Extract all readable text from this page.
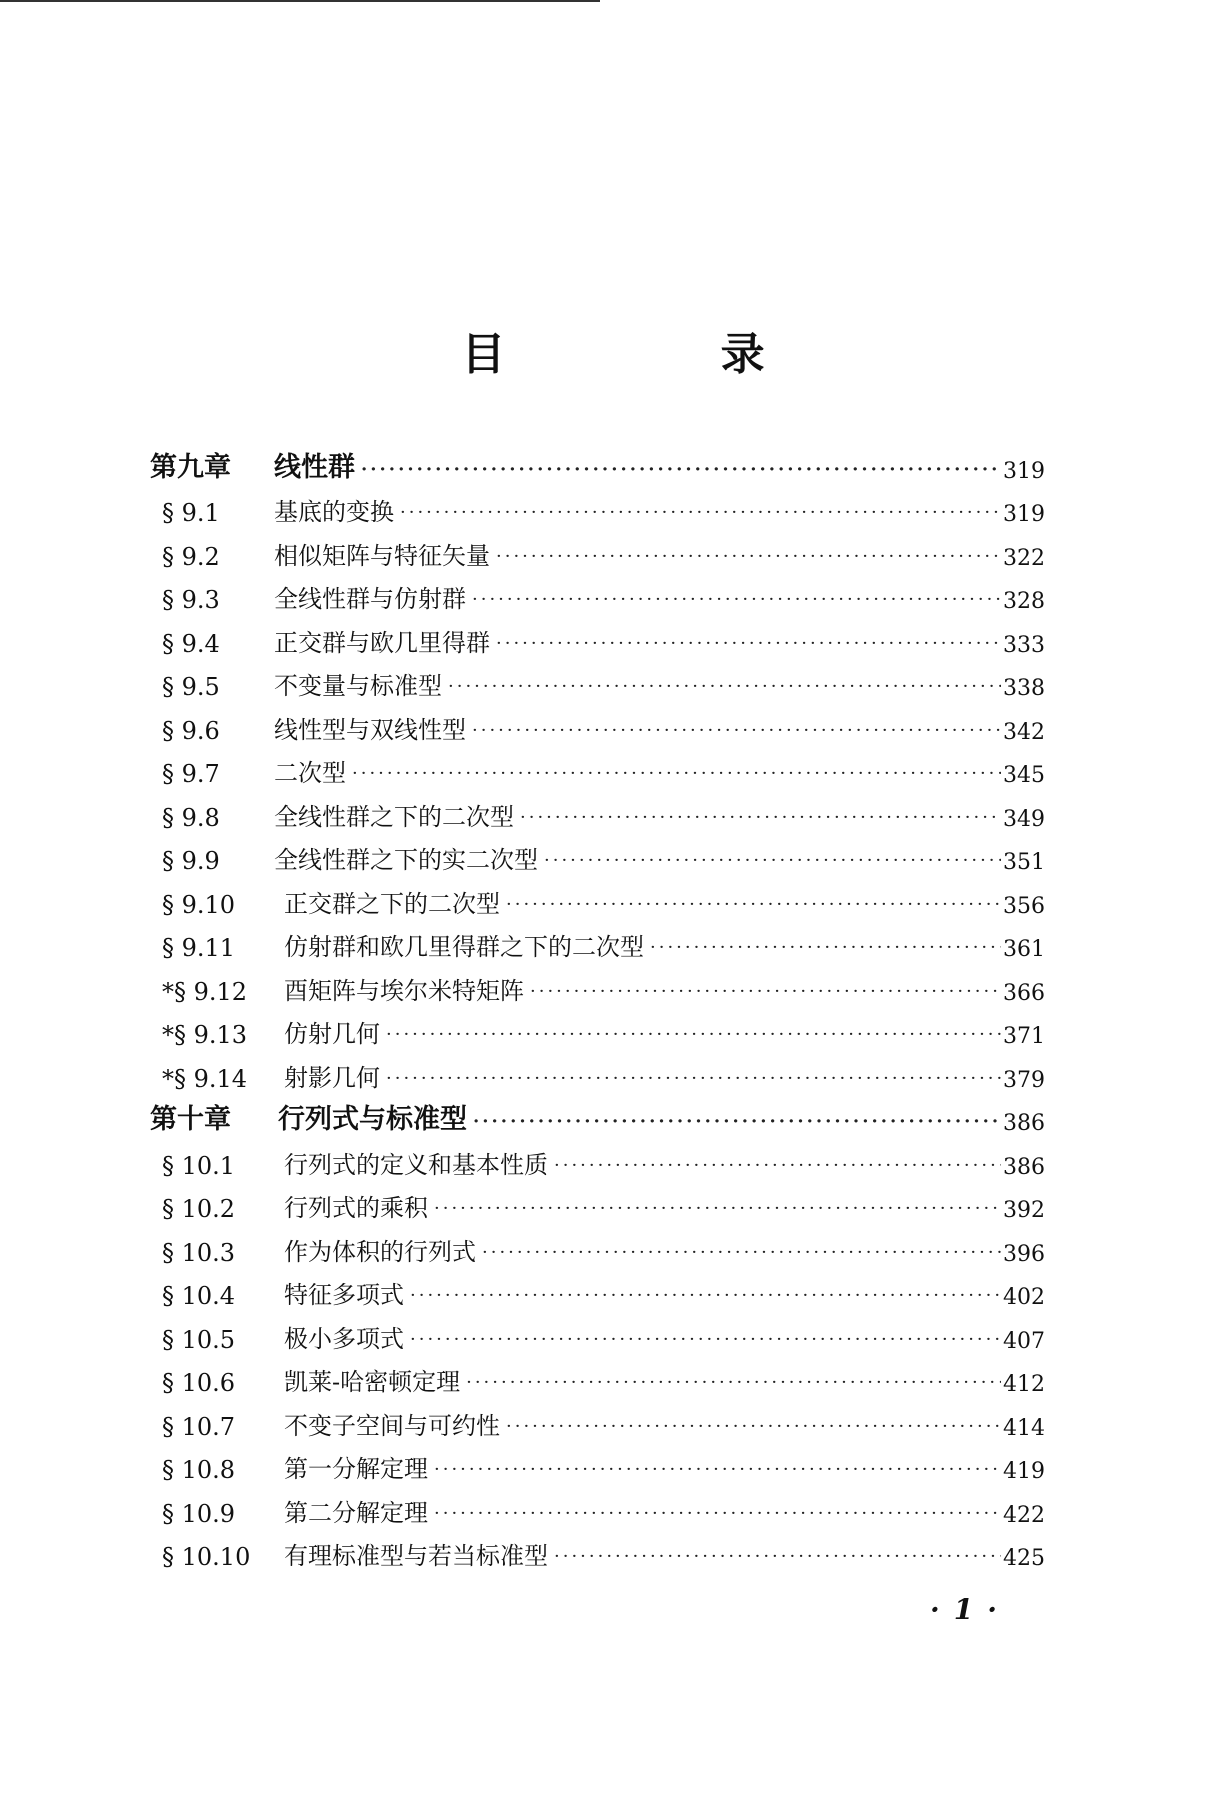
目 录
第九章	线性群 ·····	319
§ 9.1	基底的变换 ·····	319
§ 9.2	相似矩阵与特征矢量 ·····	322
§ 9.3	全线性群与仿射群 ·····	328
§ 9.4	正交群与欧几里得群 ·····	333
§ 9.5	不变量与标准型 ·····	338
§ 9.6	线性型与双线性型 ·····	342
§ 9.7	二次型 ·····	345
§ 9.8	全线性群之下的二次型 ·····	349
§ 9.9	全线性群之下的实二次型 ·····	351
§ 9.10	正交群之下的二次型 ·····	356
§ 9.11	仿射群和欧几里得群之下的二次型 ·····	361
*§ 9.12	酉矩阵与埃尔米特矩阵 ·····	366
*§ 9.13	仿射几何 ·····	371
*§ 9.14	射影几何 ·····	379
第十章	行列式与标准型 ·····	386
§ 10.1	行列式的定义和基本性质 ·····	386
§ 10.2	行列式的乘积 ·····	392
§ 10.3	作为体积的行列式 ·····	396
§ 10.4	特征多项式 ·····	402
§ 10.5	极小多项式 ·····	407
§ 10.6	凯莱-哈密顿定理 ·····	412
§ 10.7	不变子空间与可约性 ·····	414
§ 10.8	第一分解定理 ·····	419
§ 10.9	第二分解定理 ·····	422
§ 10.10	有理标准型与若当标准型 ·····	425
·1·
